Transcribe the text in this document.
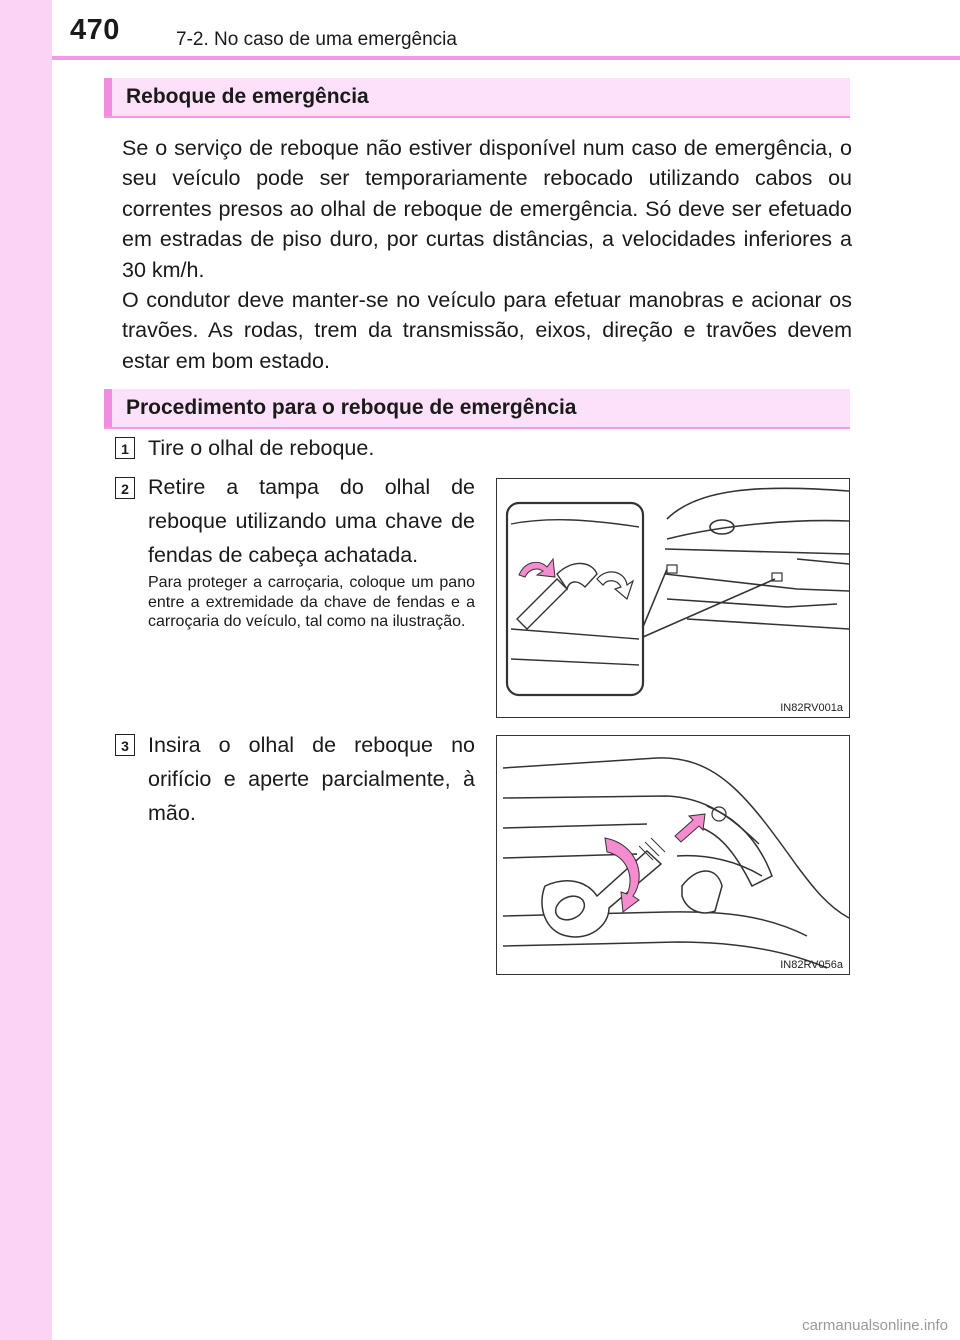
470	7-2. No caso de uma emergência
Reboque de emergência
Se o serviço de reboque não estiver disponível num caso de emergência, o seu veículo pode ser temporariamente rebocado utilizando cabos ou correntes presos ao olhal de reboque de emergência. Só deve ser efetuado em estradas de piso duro, por curtas distâncias, a velocidades inferiores a 30 km/h.
O condutor deve manter-se no veículo para efetuar manobras e acionar os travões. As rodas, trem da transmissão, eixos, direção e travões devem estar em bom estado.
Procedimento para o reboque de emergência
1 Tire o olhal de reboque.

2 Retire a tampa do olhal de reboque utilizando uma chave de fendas de cabeça achatada.

Para proteger a carroçaria, coloque um pano entre a extremidade da chave de fendas e a carroçaria do veículo, tal como na ilustração.

3 Insira o olhal de reboque no orifício e aperte parcialmente, à mão.

IN82RV001a
IN82RV056a
carmanualsonline.info
